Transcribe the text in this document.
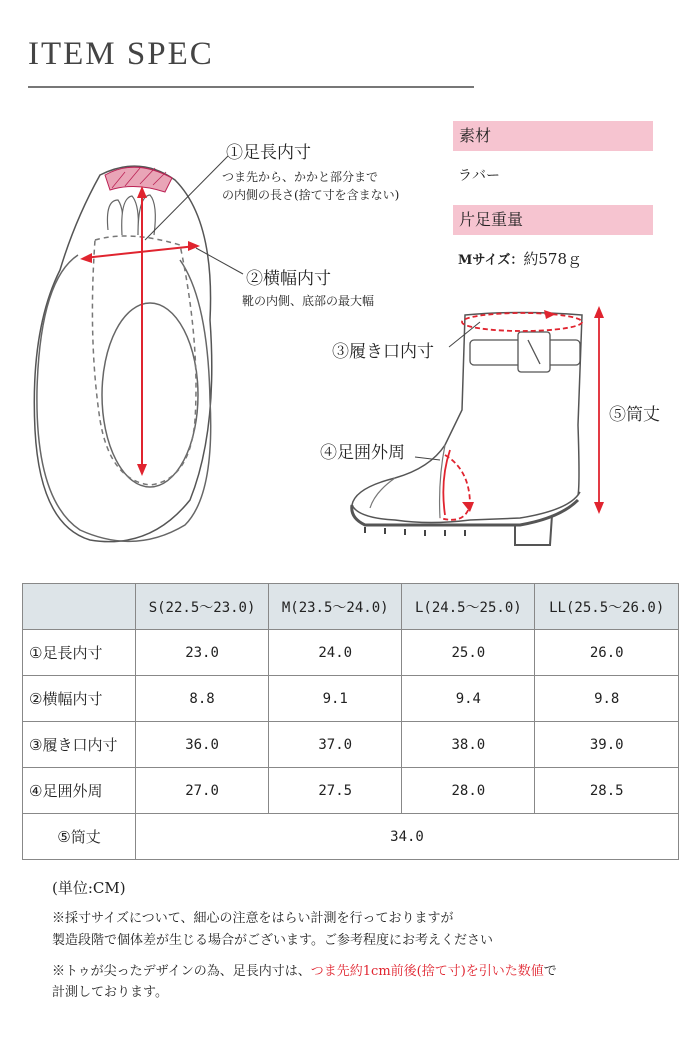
ITEM SPEC
①足長内寸
つま先から、かかと部分まで
の内側の長さ(捨て寸を含まない)
②横幅内寸
靴の内側、底部の最大幅
③履き口内寸
④足囲外周
⑤筒丈
素材
ラバー
片足重量
Mサイズ：約578ｇ
	S(22.5〜23.0)	M(23.5〜24.0)	L(24.5〜25.0)	LL(25.5〜26.0)
①足長内寸	23.0	24.0	25.0	26.0
②横幅内寸	8.8	9.1	9.4	9.8
③履き口内寸	36.0	37.0	38.0	39.0
④足囲外周	27.0	27.5	28.0	28.5
⑤筒丈	34.0			
(単位:CM)
※採寸サイズについて、細心の注意をはらい計測を行っておりますが
製造段階で個体差が生じる場合がございます。ご参考程度にお考えください
※トゥが尖ったデザインの為、足長内寸は、つま先約1cm前後(捨て寸)を引いた数値で
計測しております。
